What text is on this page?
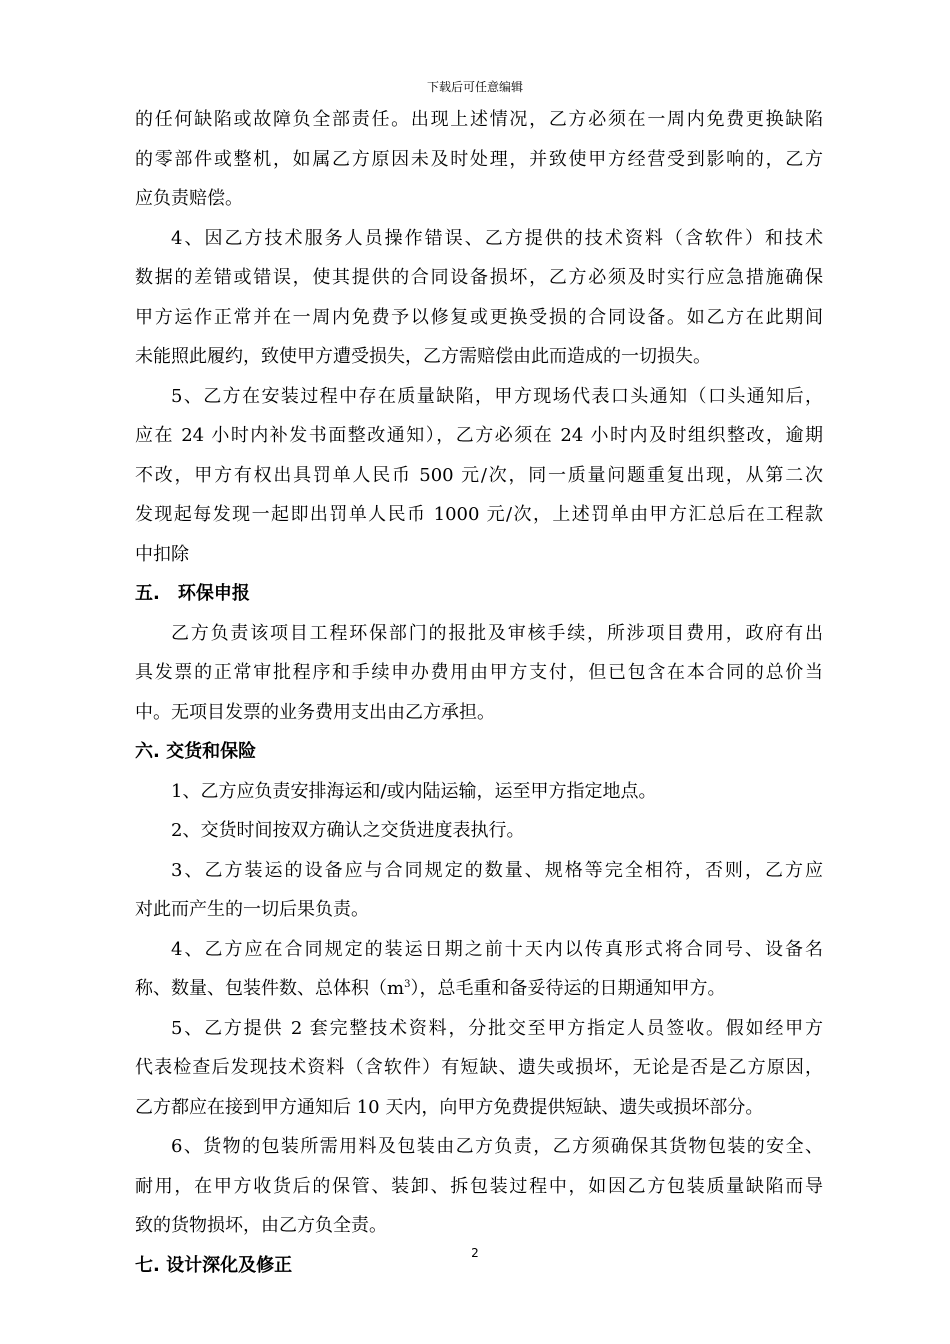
下载后可任意编辑
的任何缺陷或故障负全部责任。出现上述情况，乙方必须在一周内免费更换缺陷
的零部件或整机，如属乙方原因未及时处理，并致使甲方经营受到影响的，乙方
应负责赔偿。
4、因乙方技术服务人员操作错误、乙方提供的技术资料（含软件）和技术
数据的差错或错误，使其提供的合同设备损坏，乙方必须及时实行应急措施确保
甲方运作正常并在一周内免费予以修复或更换受损的合同设备。如乙方在此期间
未能照此履约，致使甲方遭受损失，乙方需赔偿由此而造成的一切损失。
5、乙方在安装过程中存在质量缺陷，甲方现场代表口头通知（口头通知后，
应在 24 小时内补发书面整改通知），乙方必须在 24 小时内及时组织整改，逾期
不改，甲方有权出具罚单人民币 500 元/次，同一质量问题重复出现，从第二次
发现起每发现一起即出罚单人民币 1000 元/次，上述罚单由甲方汇总后在工程款
中扣除
五.　环保申报
乙方负责该项目工程环保部门的报批及审核手续，所涉项目费用，政府有出
具发票的正常审批程序和手续申办费用由甲方支付，但已包含在本合同的总价当
中。无项目发票的业务费用支出由乙方承担。
六. 交货和保险
1、乙方应负责安排海运和/或内陆运输，运至甲方指定地点。
2、交货时间按双方确认之交货进度表执行。
3、乙方装运的设备应与合同规定的数量、规格等完全相符，否则，乙方应
对此而产生的一切后果负责。
4、乙方应在合同规定的装运日期之前十天内以传真形式将合同号、设备名
称、数量、包装件数、总体积$(m^3)$，总毛重和备妥待运的日期通知甲方。
5、乙方提供 2 套完整技术资料，分批交至甲方指定人员签收。假如经甲方
代表检查后发现技术资料（含软件）有短缺、遗失或损坏，无论是否是乙方原因，
乙方都应在接到甲方通知后 10 天内，向甲方免费提供短缺、遗失或损坏部分。
6、货物的包装所需用料及包装由乙方负责，乙方须确保其货物包装的安全、
耐用，在甲方收货后的保管、装卸、拆包装过程中，如因乙方包装质量缺陷而导
致的货物损坏，由乙方负全责。
七. 设计深化及修正
2
